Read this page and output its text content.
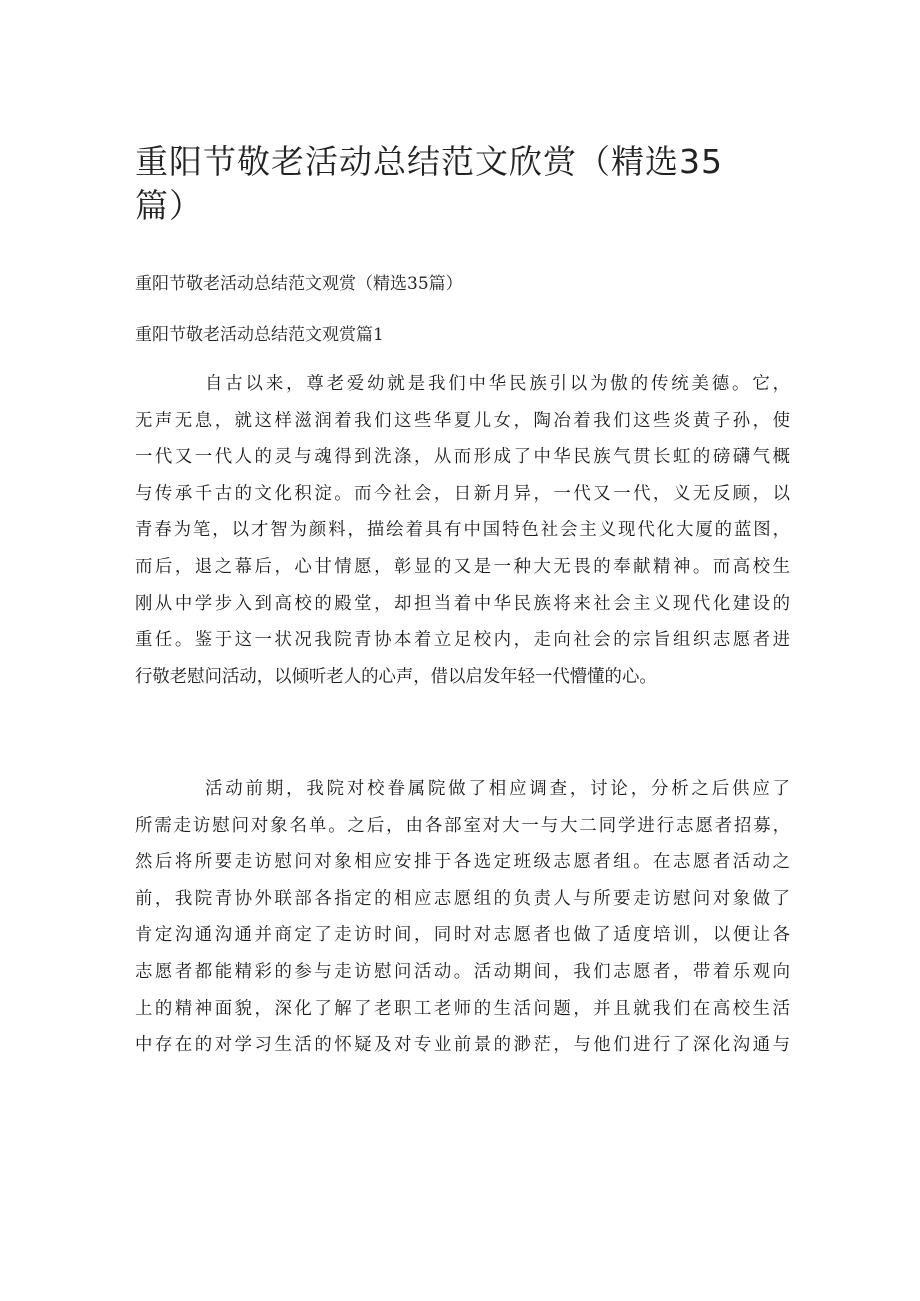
重阳节敬老活动总结范文欣赏（精选35篇）

重阳节敬老活动总结范文观赏（精选35篇）

重阳节敬老活动总结范文观赏篇1

自古以来，尊老爱幼就是我们中华民族引以为傲的传统美德。它，
无声无息，就这样滋润着我们这些华夏儿女，陶冶着我们这些炎黄子孙，使
一代又一代人的灵与魂得到洗涤，从而形成了中华民族气贯长虹的磅礴气概
与传承千古的文化积淀。而今社会，日新月异，一代又一代，义无反顾，以
青春为笔，以才智为颜料，描绘着具有中国特色社会主义现代化大厦的蓝图，
而后，退之幕后，心甘情愿，彰显的又是一种大无畏的奉献精神。而高校生
刚从中学步入到高校的殿堂，却担当着中华民族将来社会主义现代化建设的
重任。鉴于这一状况我院青协本着立足校内，走向社会的宗旨组织志愿者进
行敬老慰问活动，以倾听老人的心声，借以启发年轻一代懵懂的心。
活动前期，我院对校眷属院做了相应调查，讨论，分析之后供应了
所需走访慰问对象名单。之后，由各部室对大一与大二同学进行志愿者招募，
然后将所要走访慰问对象相应安排于各选定班级志愿者组。在志愿者活动之
前，我院青协外联部各指定的相应志愿组的负责人与所要走访慰问对象做了
肯定沟通沟通并商定了走访时间，同时对志愿者也做了适度培训，以便让各
志愿者都能精彩的参与走访慰问活动。活动期间，我们志愿者，带着乐观向
上的精神面貌，深化了解了老职工老师的生活问题，并且就我们在高校生活
中存在的对学习生活的怀疑及对专业前景的渺茫，与他们进行了深化沟通与
